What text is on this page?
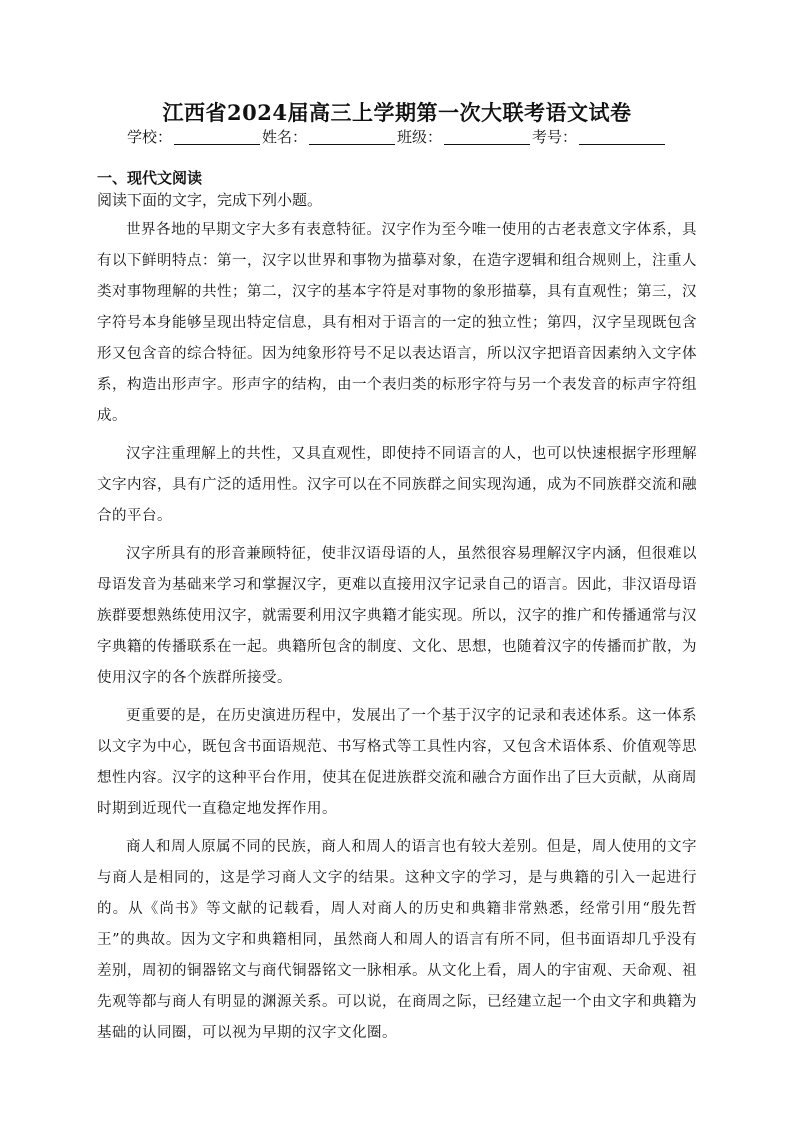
江西省2024届高三上学期第一次大联考语文试卷
学校：	姓名：	班级：	考号：
一、现代文阅读
阅读下面的文字，完成下列小题。

世界各地的早期文字大多有表意特征。汉字作为至今唯一使用的古老表意文字体系，具有以下鲜明特点：第一，汉字以世界和事物为描摹对象，在造字逻辑和组合规则上，注重人类对事物理解的共性；第二，汉字的基本字符是对事物的象形描摹，具有直观性；第三，汉字符号本身能够呈现出特定信息，具有相对于语言的一定的独立性；第四，汉字呈现既包含形又包含音的综合特征。因为纯象形符号不足以表达语言，所以汉字把语音因素纳入文字体系，构造出形声字。形声字的结构，由一个表归类的标形字符与另一个表发音的标声字符组成。

汉字注重理解上的共性，又具直观性，即使持不同语言的人，也可以快速根据字形理解文字内容，具有广泛的适用性。汉字可以在不同族群之间实现沟通，成为不同族群交流和融合的平台。

汉字所具有的形音兼顾特征，使非汉语母语的人，虽然很容易理解汉字内涵，但很难以母语发音为基础来学习和掌握汉字，更难以直接用汉字记录自己的语言。因此，非汉语母语族群要想熟练使用汉字，就需要利用汉字典籍才能实现。所以，汉字的推广和传播通常与汉字典籍的传播联系在一起。典籍所包含的制度、文化、思想，也随着汉字的传播而扩散，为使用汉字的各个族群所接受。

更重要的是，在历史演进历程中，发展出了一个基于汉字的记录和表述体系。这一体系以文字为中心，既包含书面语规范、书写格式等工具性内容，又包含术语体系、价值观等思想性内容。汉字的这种平台作用，使其在促进族群交流和融合方面作出了巨大贡献，从商周时期到近现代一直稳定地发挥作用。

商人和周人原属不同的民族，商人和周人的语言也有较大差别。但是，周人使用的文字与商人是相同的，这是学习商人文字的结果。这种文字的学习，是与典籍的引入一起进行的。从《尚书》等文献的记载看，周人对商人的历史和典籍非常熟悉，经常引用“殷先哲王”的典故。因为文字和典籍相同，虽然商人和周人的语言有所不同，但书面语却几乎没有差别，周初的铜器铭文与商代铜器铭文一脉相承。从文化上看，周人的宇宙观、天命观、祖先观等都与商人有明显的渊源关系。可以说，在商周之际，已经建立起一个由文字和典籍为基础的认同圈，可以视为早期的汉字文化圈。
